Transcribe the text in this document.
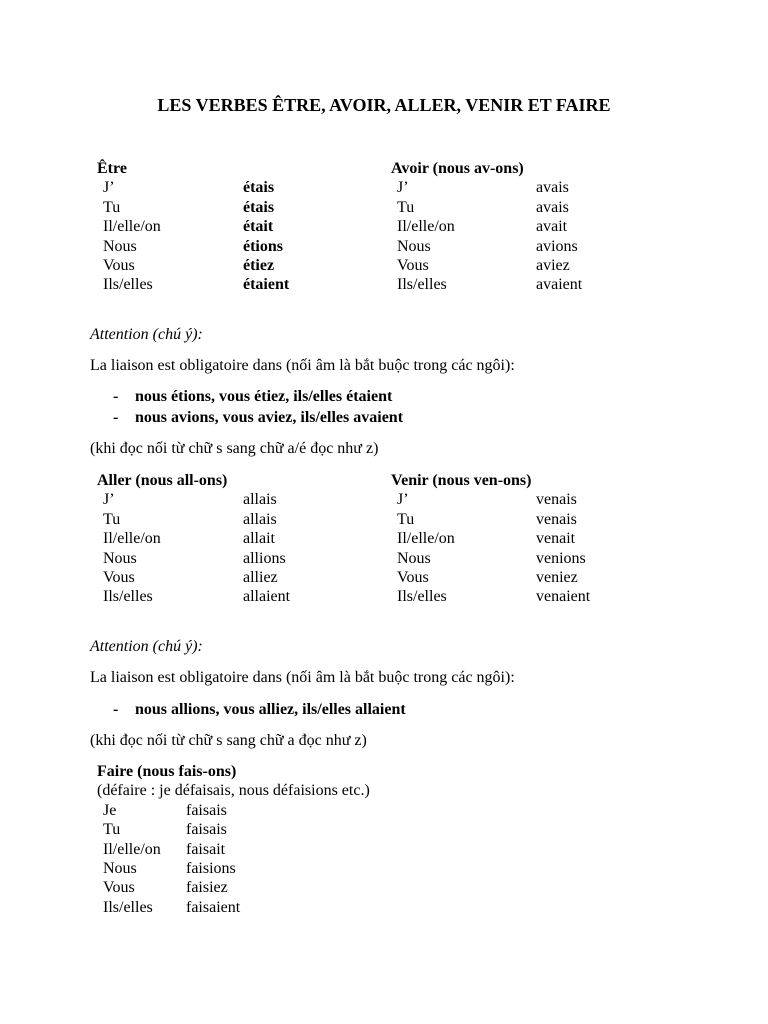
LES VERBES ÊTRE, AVOIR, ALLER, VENIR ET FAIRE
Être
J’	étais
Tu	étais
Il/elle/on	était
Nous	étions
Vous	étiez
Ils/elles	étaient
Avoir (nous av-ons)
J’	avais
Tu	avais
Il/elle/on	avait
Nous	avions
Vous	aviez
Ils/elles	avaient
Attention (chú ý):
La liaison est obligatoire dans (nối âm là bắt buộc trong các ngôi):
- nous étions, vous étiez, ils/elles étaient
- nous avions, vous aviez, ils/elles avaient
(khi đọc nối từ chữ s sang chữ a/é đọc như z)
Aller (nous all-ons)
J’	allais
Tu	allais
Il/elle/on	allait
Nous	allions
Vous	alliez
Ils/elles	allaient
Venir (nous ven-ons)
J’	venais
Tu	venais
Il/elle/on	venait
Nous	venions
Vous	veniez
Ils/elles	venaient
Attention (chú ý):
La liaison est obligatoire dans (nối âm là bắt buộc trong các ngôi):
- nous allions, vous alliez, ils/elles allaient
(khi đọc nối từ chữ s sang chữ a đọc như z)
Faire (nous fais-ons)
(défaire : je défaisais, nous défaisions etc.)
Je	faisais
Tu	faisais
Il/elle/on	faisait
Nous	faisions
Vous	faisiez
Ils/elles	faisaient
